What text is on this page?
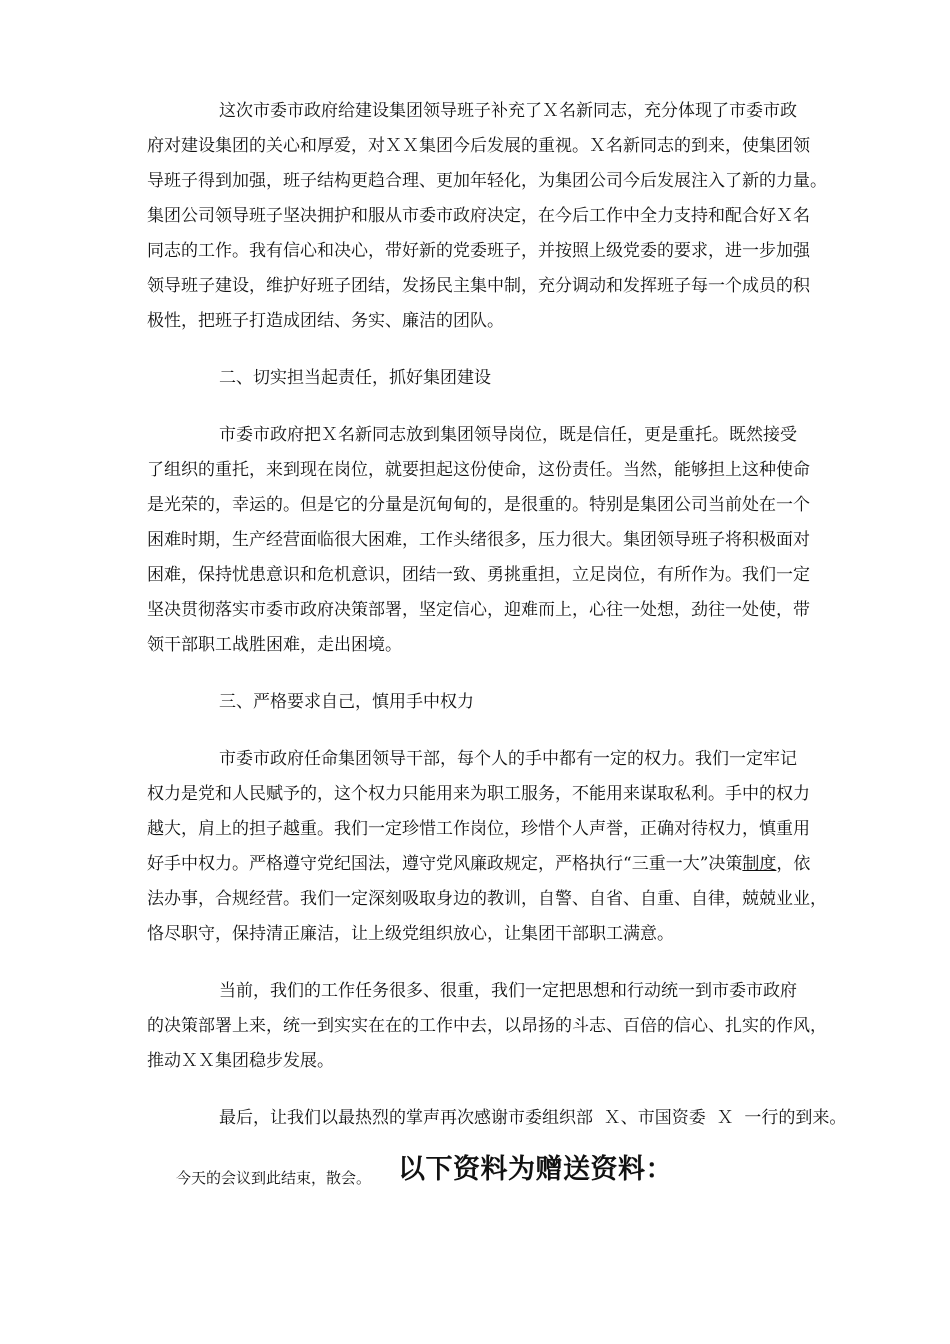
这次市委市政府给建设集团领导班子补充了Ｘ名新同志，充分体现了市委市政
府对建设集团的关心和厚爱，对ＸＸ集团今后发展的重视。Ｘ名新同志的到来，使集团领
导班子得到加强，班子结构更趋合理、更加年轻化，为集团公司今后发展注入了新的力量。
集团公司领导班子坚决拥护和服从市委市政府决定，在今后工作中全力支持和配合好Ｘ名
同志的工作。我有信心和决心，带好新的党委班子，并按照上级党委的要求，进一步加强
领导班子建设，维护好班子团结，发扬民主集中制，充分调动和发挥班子每一个成员的积
极性，把班子打造成团结、务实、廉洁的团队。
二、切实担当起责任，抓好集团建设
市委市政府把Ｘ名新同志放到集团领导岗位，既是信任，更是重托。既然接受
了组织的重托，来到现在岗位，就要担起这份使命，这份责任。当然，能够担上这种使命
是光荣的，幸运的。但是它的分量是沉甸甸的，是很重的。特别是集团公司当前处在一个
困难时期，生产经营面临很大困难，工作头绪很多，压力很大。集团领导班子将积极面对
困难，保持忧患意识和危机意识，团结一致、勇挑重担，立足岗位，有所作为。我们一定
坚决贯彻落实市委市政府决策部署，坚定信心，迎难而上，心往一处想，劲往一处使，带
领干部职工战胜困难，走出困境。
三、严格要求自己，慎用手中权力
市委市政府任命集团领导干部，每个人的手中都有一定的权力。我们一定牢记
权力是党和人民赋予的，这个权力只能用来为职工服务，不能用来谋取私利。手中的权力
越大，肩上的担子越重。我们一定珍惜工作岗位，珍惜个人声誉，正确对待权力，慎重用
好手中权力。严格遵守党纪国法，遵守党风廉政规定，严格执行“三重一大”决策制度，依
法办事，合规经营。我们一定深刻吸取身边的教训，自警、自省、自重、自律，兢兢业业，
恪尽职守，保持清正廉洁，让上级党组织放心，让集团干部职工满意。
当前，我们的工作任务很多、很重，我们一定把思想和行动统一到市委市政府
的决策部署上来，统一到实实在在的工作中去，以昂扬的斗志、百倍的信心、扎实的作风，
推动ＸＸ集团稳步发展。
最后，让我们以最热烈的掌声再次感谢市委组织部  Ｘ、市国资委  Ｘ  一行的到来。
今天的会议到此结束，散会。 以下资料为赠送资料：
